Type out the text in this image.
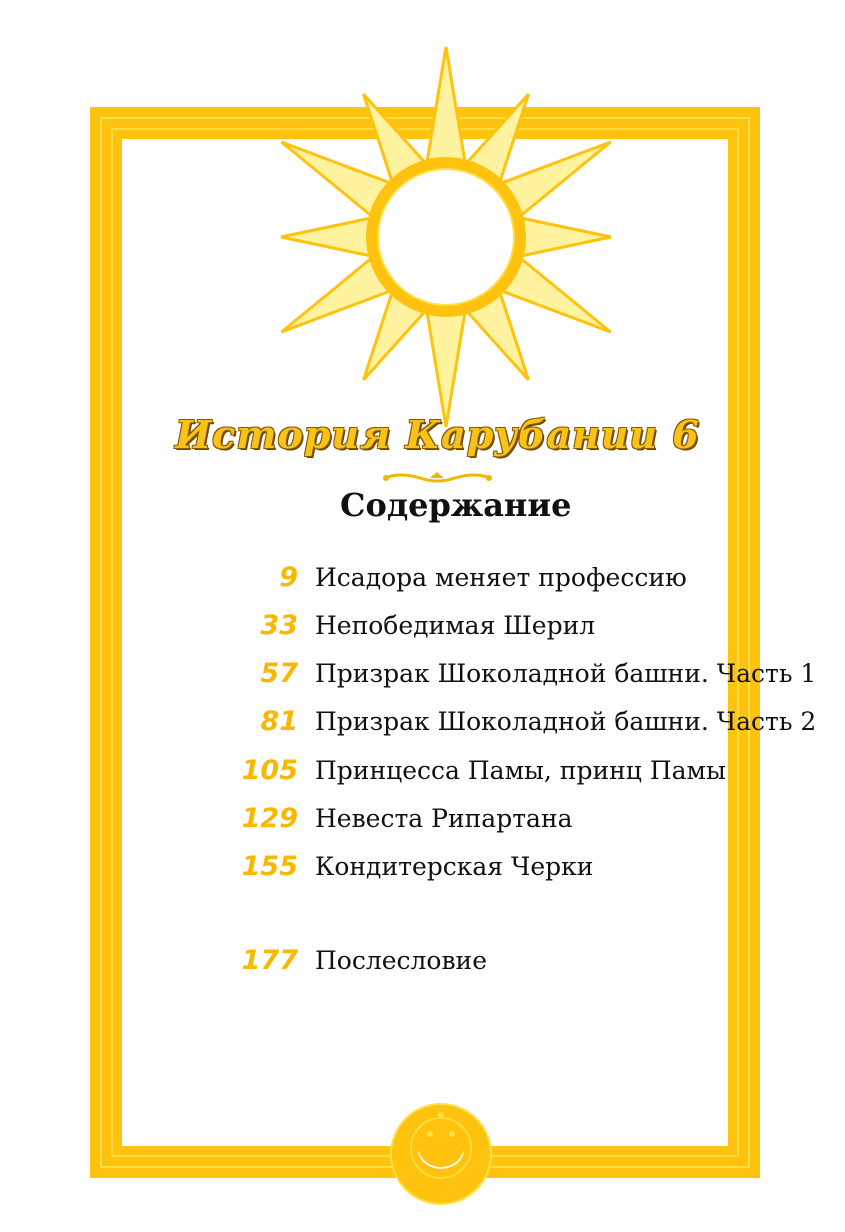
История Карубании 6
Содержание
9 Исадора меняет профессию
33 Непобедимая Шерил
57 Призрак Шоколадной башни. Часть 1
81 Призрак Шоколадной башни. Часть 2
105 Принцесса Памы, принц Памы
129 Невеста Рипартана
155 Кондитерская Черки
177 Послесловие
